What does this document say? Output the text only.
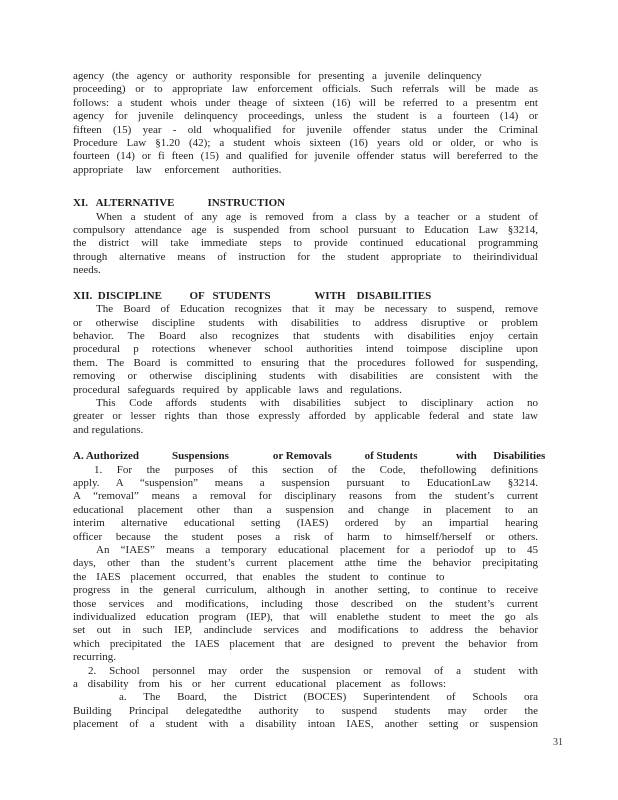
agency (the agency or authority responsible for presenting a juvenile delinquency
proceeding) or to appropriate law enforcement officials. Such referrals will be made as
follows: a student whois under theage of sixteen (16) will be referred to a presentm ent
agency for juvenile delinquency proceedings, unless the student is a fourteen (14) or
fifteen (15) year - old whoqualified for juvenile offender status under the Criminal
Procedure Law §1.20 (42); a student whois sixteen (16) years old or older, or who is
fourteen (14) or fi fteen (15) and qualified for juvenile offender status will bereferred to the
appropriate law enforcement authorities.
XI.   ALTERNATIVE            INSTRUCTION
When a student of any age is removed from a class by a teacher or a student of
compulsory attendance age is suspended from school pursuant to Education Law §3214,
the district will take immediate steps to provide continued educational programming
through alternative means of instruction for the student appropriate to theirindividual
needs.
XII.  DISCIPLINE          OF   STUDENTS                WITH    DISABILITIES
The Board of Education recognizes that it may be necessary to suspend, remove
or otherwise discipline students with disabilities to address disruptive or problem
behavior. The Board also recognizes that students with disabilities enjoy certain
procedural p rotections whenever school authorities intend toimpose discipline upon
them. The Board is committed to ensuring that the procedures followed for suspending,
removing or otherwise disciplining students with disabilities are consistent with the
procedural safeguards required by applicable laws and regulations.
This Code affords students with disabilities subject to disciplinary action no
greater or lesser rights than those expressly afforded by applicable federal and state law
and regulations.
A. Authorized            Suspensions                or Removals            of Students              with      Disabilities
1. For the purposes of this section of the Code, thefollowing definitions
apply. A “suspension” means a suspension pursuant to EducationLaw §3214.
A “removal” means a removal for disciplinary reasons from the student’s current
educational placement other than a suspension and change in placement to an
interim alternative educational setting (IAES) ordered by an impartial hearing
officer because the student poses a risk of harm to himself/herself or others.
An “IAES” means a temporary educational placement for a periodof up to 45
days, other than the student’s current placement atthe time the behavior precipitating
the IAES placement occurred, that enables the student to continue to
progress in the general curriculum, although in another setting, to continue to receive
those services and modifications, including those described on the student’s current
individualized education program (IEP), that will enablethe student to meet the go als
set out in such IEP, andinclude services and modifications to address the behavior
which precipitated the IAES placement that are designed to prevent the behavior from
recurring.
2. School personnel may order the suspension or removal of a student with
a disability from his or her current educational placement as follows:
a. The Board, the District (BOCES) Superintendent of Schools ora
Building Principal delegatedthe authority to suspend students may order the
placement of a student with a disability intoan IAES, another setting or suspension
31
